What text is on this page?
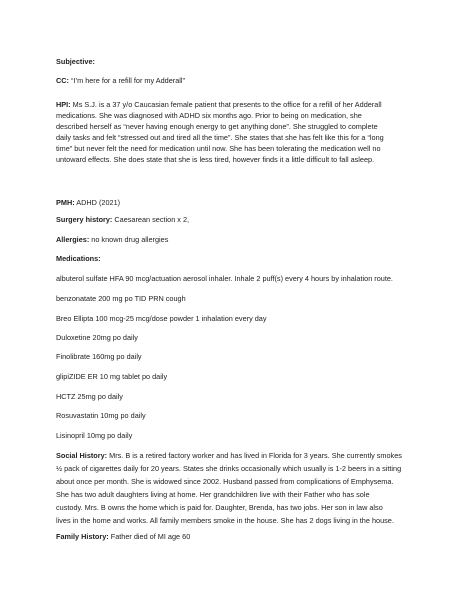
Subjective:
CC: “I’m here for a refill for my Adderall”
HPI: Ms S.J. is a 37 y/o Caucasian female patient that presents to the office for a refill of her Adderall
medications. She was diagnosed with ADHD six months ago. Prior to being on medication, she
described herself as “never having enough energy to get anything done”. She struggled to complete
daily tasks and felt “stressed out and tired all the time”. She states that she has felt like this for a “long
time” but never felt the need for medication until now. She has been tolerating the medication well no
untoward effects. She does state that she is less tired, however finds it a little difficult to fall asleep.
PMH: ADHD (2021)
Surgery history: Caesarean section x 2,
Allergies: no known drug allergies
Medications:
albuterol sulfate HFA 90 mcg/actuation aerosol inhaler. Inhale 2 puff(s) every 4 hours by inhalation route.
benzonatate 200 mg po TID PRN cough
Breo Ellipta 100 mcg-25 mcg/dose powder 1 inhalation every day
Duloxetine 20mg po daily
Finolibrate 160mg po daily
glipiZIDE ER 10 mg tablet po daily
HCTZ 25mg po daily
Rosuvastatin 10mg po daily
Lisinopril 10mg po daily
Social History: Mrs. B is a retired factory worker and has lived in Florida for 3 years. She currently smokes
½ pack of cigarettes daily for 20 years. States she drinks occasionally which usually is 1-2 beers in a sitting
about once per month. She is widowed since 2002. Husband passed from complications of Emphysema.
She has two adult daughters living at home. Her grandchildren live with their Father who has sole
custody. Mrs. B owns the home which is paid for. Daughter, Brenda, has two jobs. Her son in law also
lives in the home and works. All family members smoke in the house. She has 2 dogs living in the house.
Family History: Father died of MI age 60
